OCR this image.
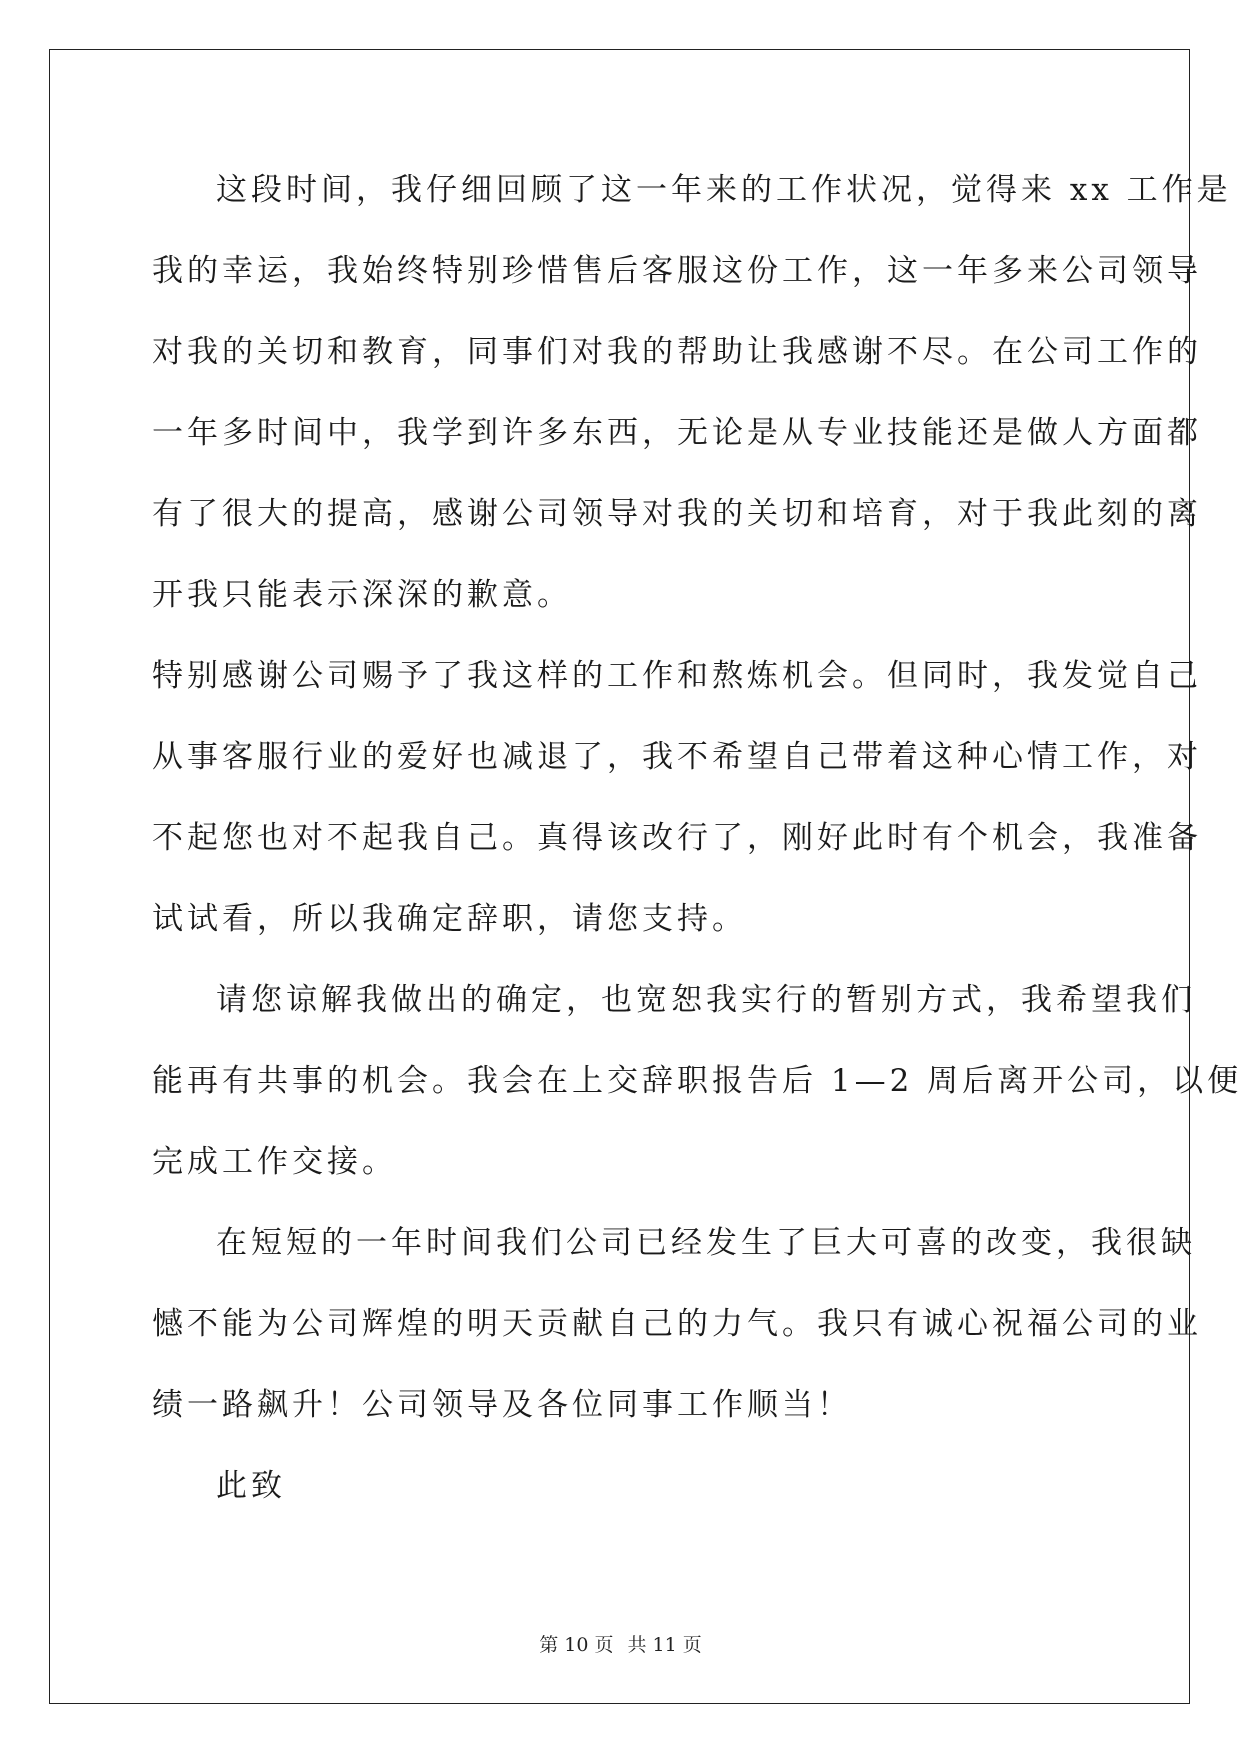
这段时间，我仔细回顾了这一年来的工作状况，觉得来 xx 工作是
我的幸运，我始终特别珍惜售后客服这份工作，这一年多来公司领导
对我的关切和教育，同事们对我的帮助让我感谢不尽。在公司工作的
一年多时间中，我学到许多东西，无论是从专业技能还是做人方面都
有了很大的提高，感谢公司领导对我的关切和培育，对于我此刻的离
开我只能表示深深的歉意。
特别感谢公司赐予了我这样的工作和熬炼机会。但同时，我发觉自己
从事客服行业的爱好也减退了，我不希望自己带着这种心情工作，对
不起您也对不起我自己。真得该改行了，刚好此时有个机会，我准备
试试看，所以我确定辞职，请您支持。
请您谅解我做出的确定，也宽恕我实行的暂别方式，我希望我们
能再有共事的机会。我会在上交辞职报告后 1—2 周后离开公司，以便
完成工作交接。
在短短的一年时间我们公司已经发生了巨大可喜的改变，我很缺
憾不能为公司辉煌的明天贡献自己的力气。我只有诚心祝福公司的业
绩一路飙升！公司领导及各位同事工作顺当！
此致
第 10 页 共 11 页
